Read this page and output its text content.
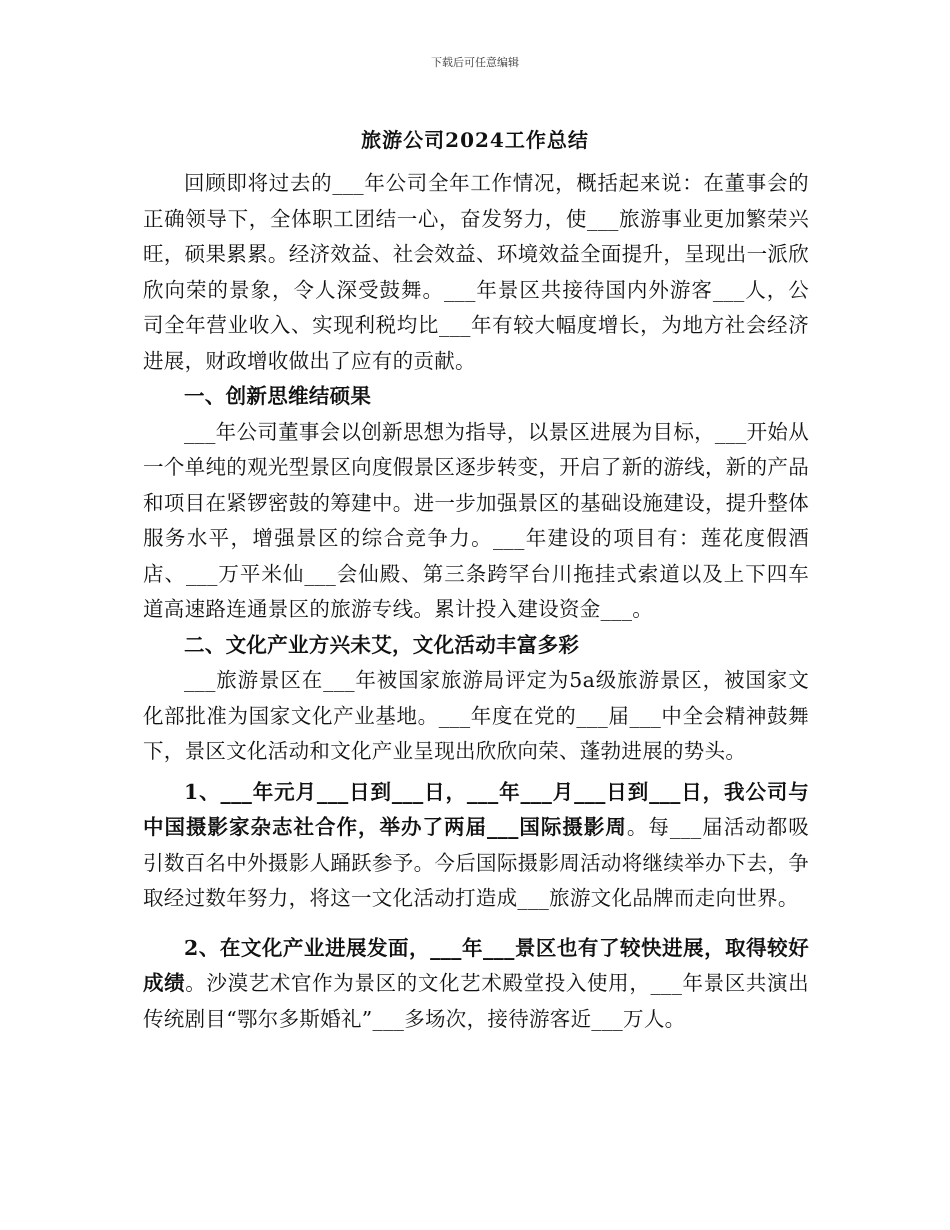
下载后可任意编辑
旅游公司2024工作总结

回顾即将过去的___年公司全年工作情况，概括起来说：在董事会的正确领导下，全体职工团结一心，奋发努力，使___旅游事业更加繁荣兴旺，硕果累累。经济效益、社会效益、环境效益全面提升，呈现出一派欣欣向荣的景象，令人深受鼓舞。___年景区共接待国内外游客___人，公司全年营业收入、实现利税均比___年有较大幅度增长，为地方社会经济进展，财政增收做出了应有的贡献。

一、创新思维结硕果

___年公司董事会以创新思想为指导，以景区进展为目标，___开始从一个单纯的观光型景区向度假景区逐步转变，开启了新的游线，新的产品和项目在紧锣密鼓的筹建中。进一步加强景区的基础设施建设，提升整体服务水平，增强景区的综合竞争力。___年建设的项目有：莲花度假酒店、___万平米仙___会仙殿、第三条跨罕台川拖挂式索道以及上下四车道高速路连通景区的旅游专线。累计投入建设资金___。

二、文化产业方兴未艾，文化活动丰富多彩

___旅游景区在___年被国家旅游局评定为5a级旅游景区，被国家文化部批准为国家文化产业基地。___年度在党的___届___中全会精神鼓舞下，景区文化活动和文化产业呈现出欣欣向荣、蓬勃进展的势头。

1、___年元月___日到___日，___年___月___日到___日，我公司与中国摄影家杂志社合作，举办了两届___国际摄影周。每___届活动都吸引数百名中外摄影人踊跃参予。今后国际摄影周活动将继续举办下去，争取经过数年努力，将这一文化活动打造成___旅游文化品牌而走向世界。

2、在文化产业进展发面，___年___景区也有了较快进展，取得较好成绩。沙漠艺术官作为景区的文化艺术殿堂投入使用，___年景区共演出传统剧目“鄂尔多斯婚礼”___多场次，接待游客近___万人。
